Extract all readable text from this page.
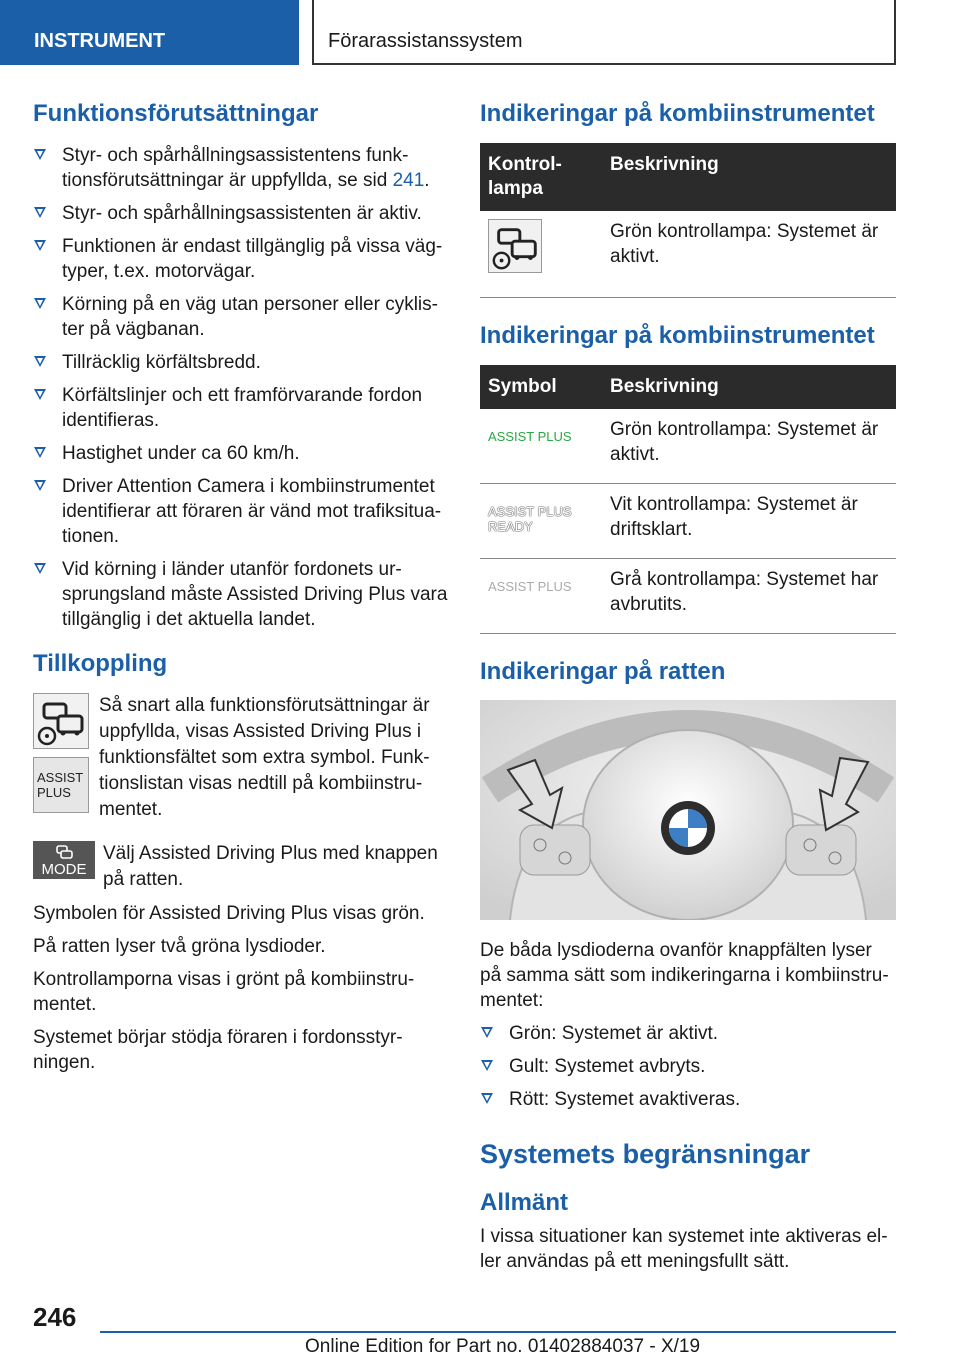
INSTRUMENT	Förarassistanssystem
Funktionsförutsättningar
Styr- och spårhållningsassistentens funktionsförutsättningar är uppfyllda, se sid 241.
Styr- och spårhållningsassistenten är aktiv.
Funktionen är endast tillgänglig på vissa vägtyper, t.ex. motorvägar.
Körning på en väg utan personer eller cyklister på vägbanan.
Tillräcklig körfältsbredd.
Körfältslinjer och ett framförvarande fordon identifieras.
Hastighet under ca 60 km/h.
Driver Attention Camera i kombiinstrumentet identifierar att föraren är vänd mot trafiksituationen.
Vid körning i länder utanför fordonets ursprungsland måste Assisted Driving Plus vara tillgänglig i det aktuella landet.
Tillkoppling
ASSIST PLUS
Så snart alla funktionsförutsättningar är uppfyllda, visas Assisted Driving Plus i funktionsfältet som extra symbol. Funktionslistan visas nedtill på kombiinstrumentet.
MODE
Välj Assisted Driving Plus med knappen på ratten.

Symbolen för Assisted Driving Plus visas grön.

På ratten lyser två gröna lysdioder.

Kontrollamporna visas i grönt på kombiinstrumentet.

Systemet börjar stödja föraren i fordonsstyrningen.

Indikeringar på kombiinstrumentet
Kontrollampa	Beskrivning
	Grön kontrollampa: Systemet är aktivt.
Indikeringar på kombiinstrumentet
Symbol	Beskrivning

ASSIST PLUS	Grön kontrollampa: Systemet är aktivt.

ASSIST PLUS READY	Vit kontrollampa: Systemet är driftsklart.

ASSIST PLUS	Grå kontrollampa: Systemet har avbrutits.
Indikeringar på ratten

De båda lysdioderna ovanför knappfälten lyser på samma sätt som indikeringarna i kombiinstrumentet:

Grön: Systemet är aktivt.
Gult: Systemet avbryts.
Rött: Systemet avaktiveras.
Systemets begränsningar
Allmänt

I vissa situationer kan systemet inte aktiveras eller användas på ett meningsfullt sätt.

246
Online Edition for Part no. 01402884037 - X/19
